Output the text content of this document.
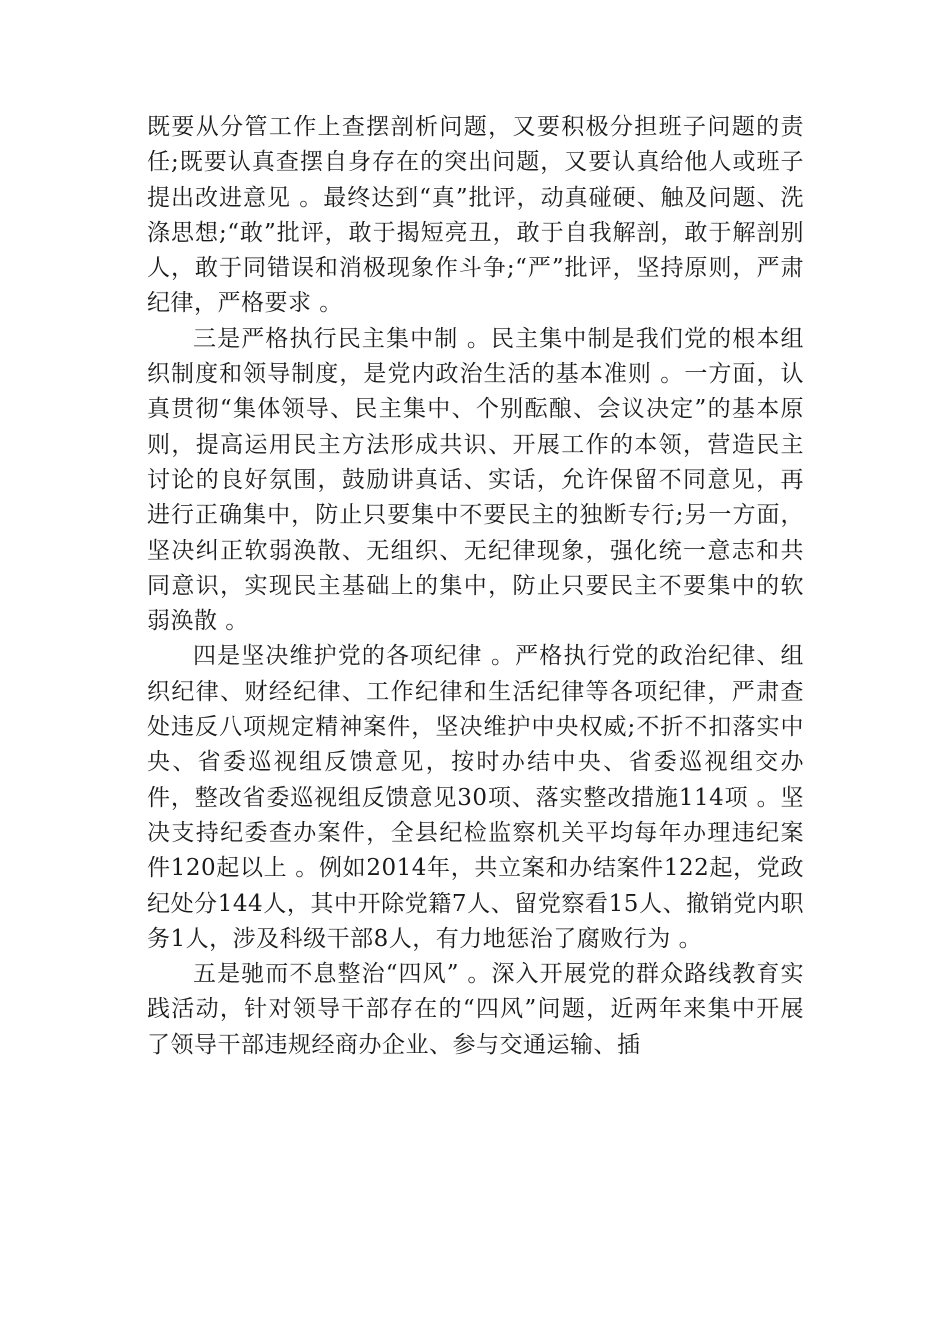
既要从分管工作上查摆剖析问题，又要积极分担班子问题的责任;既要认真查摆自身存在的突出问题，又要认真给他人或班子提出改进意见 。最终达到“真”批评，动真碰硬、触及问题、洗涤思想;“敢”批评，敢于揭短亮丑，敢于自我解剖，敢于解剖别人，敢于同错误和消极现象作斗争;“严”批评，坚持原则，严肃纪律，严格要求 。

三是严格执行民主集中制 。民主集中制是我们党的根本组织制度和领导制度，是党内政治生活的基本准则 。一方面，认真贯彻“集体领导、民主集中、个别酝酿、会议决定”的基本原则，提高运用民主方法形成共识、开展工作的本领，营造民主讨论的良好氛围，鼓励讲真话、实话，允许保留不同意见，再进行正确集中，防止只要集中不要民主的独断专行;另一方面，坚决纠正软弱涣散、无组织、无纪律现象，强化统一意志和共同意识，实现民主基础上的集中，防止只要民主不要集中的软弱涣散 。

四是坚决维护党的各项纪律 。严格执行党的政治纪律、组织纪律、财经纪律、工作纪律和生活纪律等各项纪律，严肃查处违反八项规定精神案件，坚决维护中央权威;不折不扣落实中央、省委巡视组反馈意见，按时办结中央、省委巡视组交办件，整改省委巡视组反馈意见30项、落实整改措施114项 。坚决支持纪委查办案件，全县纪检监察机关平均每年办理违纪案件120起以上 。例如2014年，共立案和办结案件122起，党政纪处分144人，其中开除党籍7人、留党察看15人、撤销党内职务1人，涉及科级干部8人，有力地惩治了腐败行为 。

五是驰而不息整治“四风” 。深入开展党的群众路线教育实践活动，针对领导干部存在的“四风”问题，近两年来集中开展了领导干部违规经商办企业、参与交通运输、插
